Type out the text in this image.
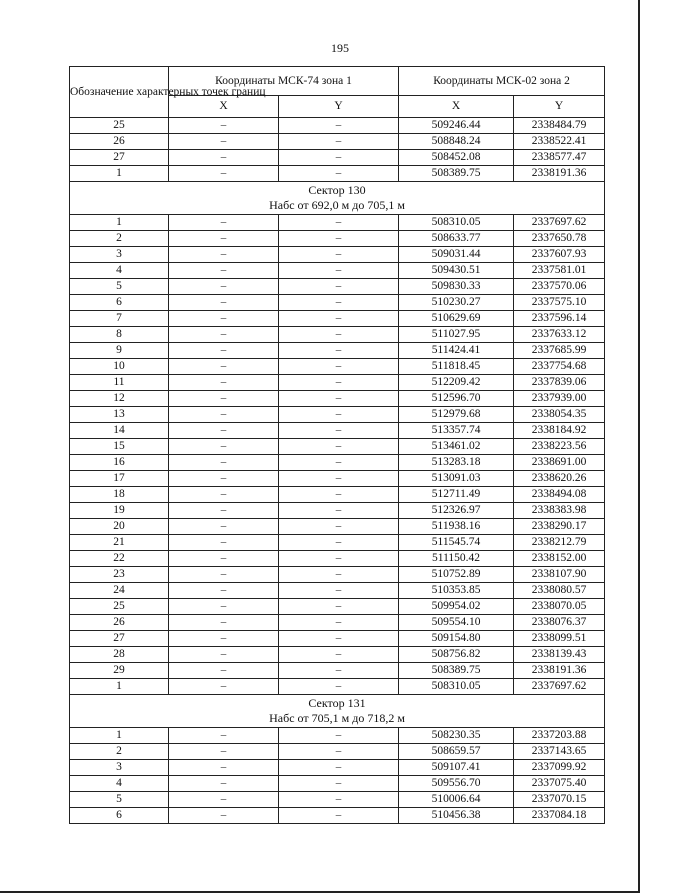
195
Обозначение характерных точек границ	Координаты МСК-74 зона 1		Координаты МСК-02 зона 2	
	X	Y	X	Y
25	–	–	509246.44	2338484.79
26	–	–	508848.24	2338522.41
27	–	–	508452.08	2338577.47
1	–	–	508389.75	2338191.36

Сектор 130
Набс от 692,0 м до 705,1 м				

1	–	–	508310.05	2337697.62
2	–	–	508633.77	2337650.78
3	–	–	509031.44	2337607.93
4	–	–	509430.51	2337581.01
5	–	–	509830.33	2337570.06
6	–	–	510230.27	2337575.10
7	–	–	510629.69	2337596.14
8	–	–	511027.95	2337633.12
9	–	–	511424.41	2337685.99
10	–	–	511818.45	2337754.68
11	–	–	512209.42	2337839.06
12	–	–	512596.70	2337939.00
13	–	–	512979.68	2338054.35
14	–	–	513357.74	2338184.92
15	–	–	513461.02	2338223.56
16	–	–	513283.18	2338691.00
17	–	–	513091.03	2338620.26
18	–	–	512711.49	2338494.08
19	–	–	512326.97	2338383.98
20	–	–	511938.16	2338290.17
21	–	–	511545.74	2338212.79
22	–	–	511150.42	2338152.00
23	–	–	510752.89	2338107.90
24	–	–	510353.85	2338080.57
25	–	–	509954.02	2338070.05
26	–	–	509554.10	2338076.37
27	–	–	509154.80	2338099.51
28	–	–	508756.82	2338139.43
29	–	–	508389.75	2338191.36
1	–	–	508310.05	2337697.62

Сектор 131
Набс от 705,1 м до 718,2 м				

1	–	–	508230.35	2337203.88
2	–	–	508659.57	2337143.65
3	–	–	509107.41	2337099.92
4	–	–	509556.70	2337075.40
5	–	–	510006.64	2337070.15
6	–	–	510456.38	2337084.18
